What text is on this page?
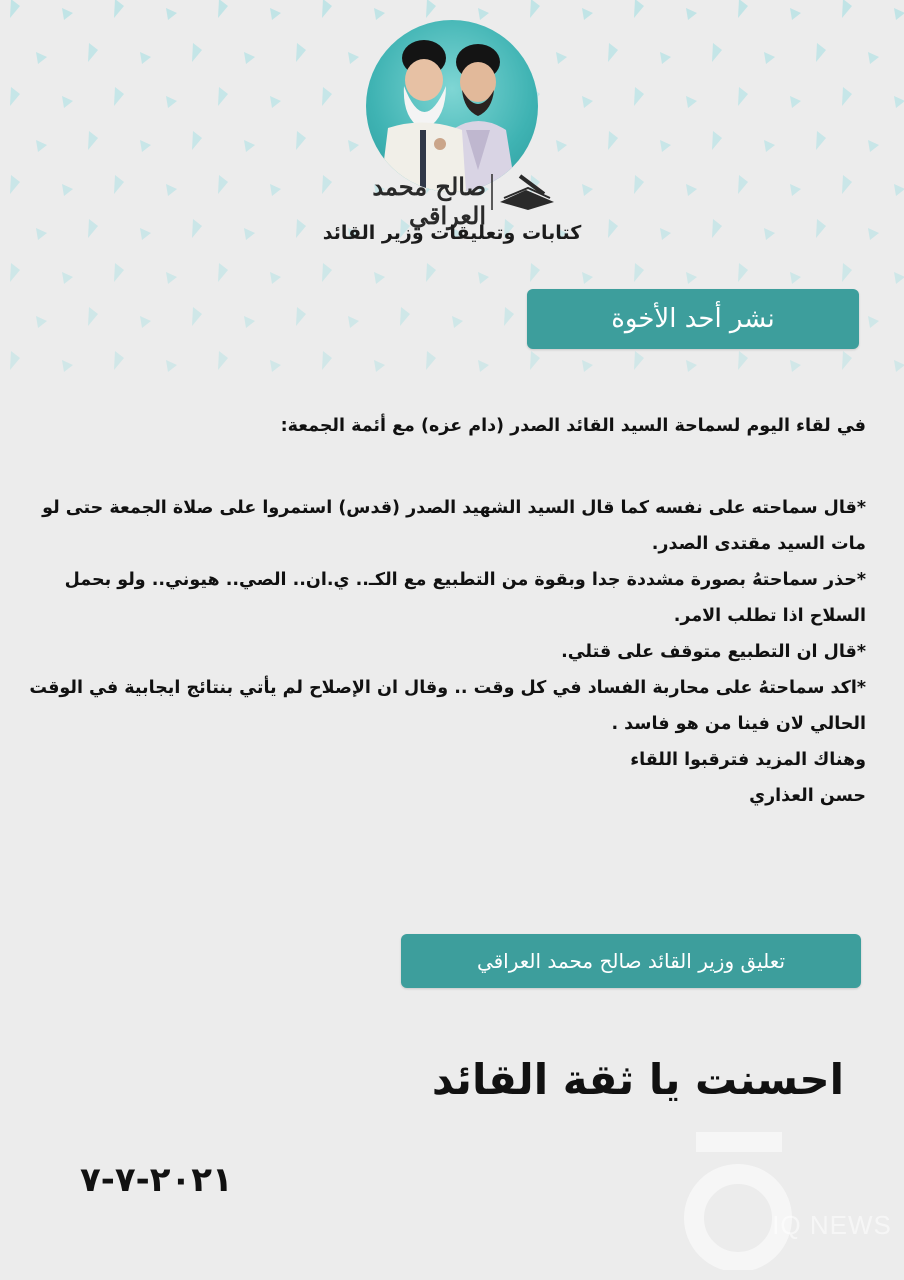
صالح محمد العراقي
كتابات وتعليقات وزير القائد
نشر أحد الأخوة

في لقاء اليوم لسماحة السيد القائد الصدر (دام عزه) مع أئمة الجمعة:

*قال سماحته على نفسه كما قال السيد الشهيد الصدر (قدس) استمروا على صلاة الجمعة حتى لو مات السيد مقتدى الصدر.

*حذر سماحتهُ بصورة مشددة جدا وبقوة من التطبيع مع الكـ.. ي.ان.. الصي.. هيوني.. ولو بحمل السلاح اذا تطلب الامر.

*قال ان التطبيع متوقف على قتلي.

*اكد سماحتهُ على محاربة الفساد في كل وقت .. وقال ان الإصلاح لم يأتي بنتائج ايجابية في الوقت الحالي لان فينا من هو فاسد .

وهناك المزيد فترقبوا اللقاء

حسن العذاري

تعليق وزير القائد صالح محمد العراقي
احسنت يا ثقة القائد
٢٠٢١-٧-٧
IQ NEWS
